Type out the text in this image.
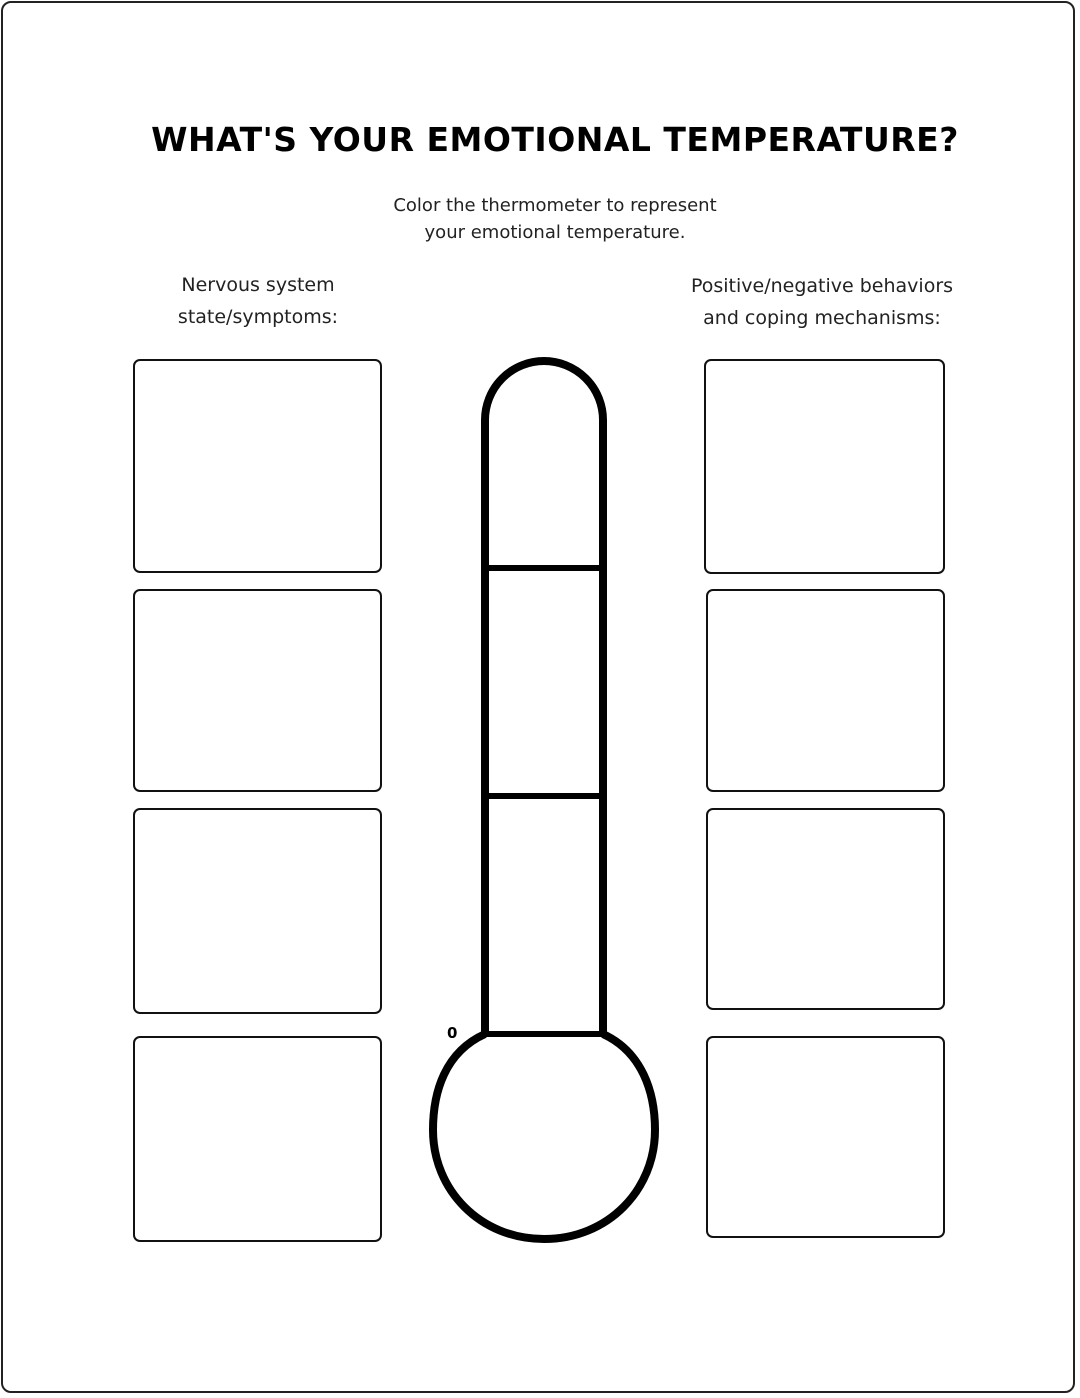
WHAT'S YOUR EMOTIONAL TEMPERATURE?
Color the thermometer to represent
your emotional temperature.
Nervous system
state/symptoms:
Positive/negative behaviors
and coping mechanisms:
0
